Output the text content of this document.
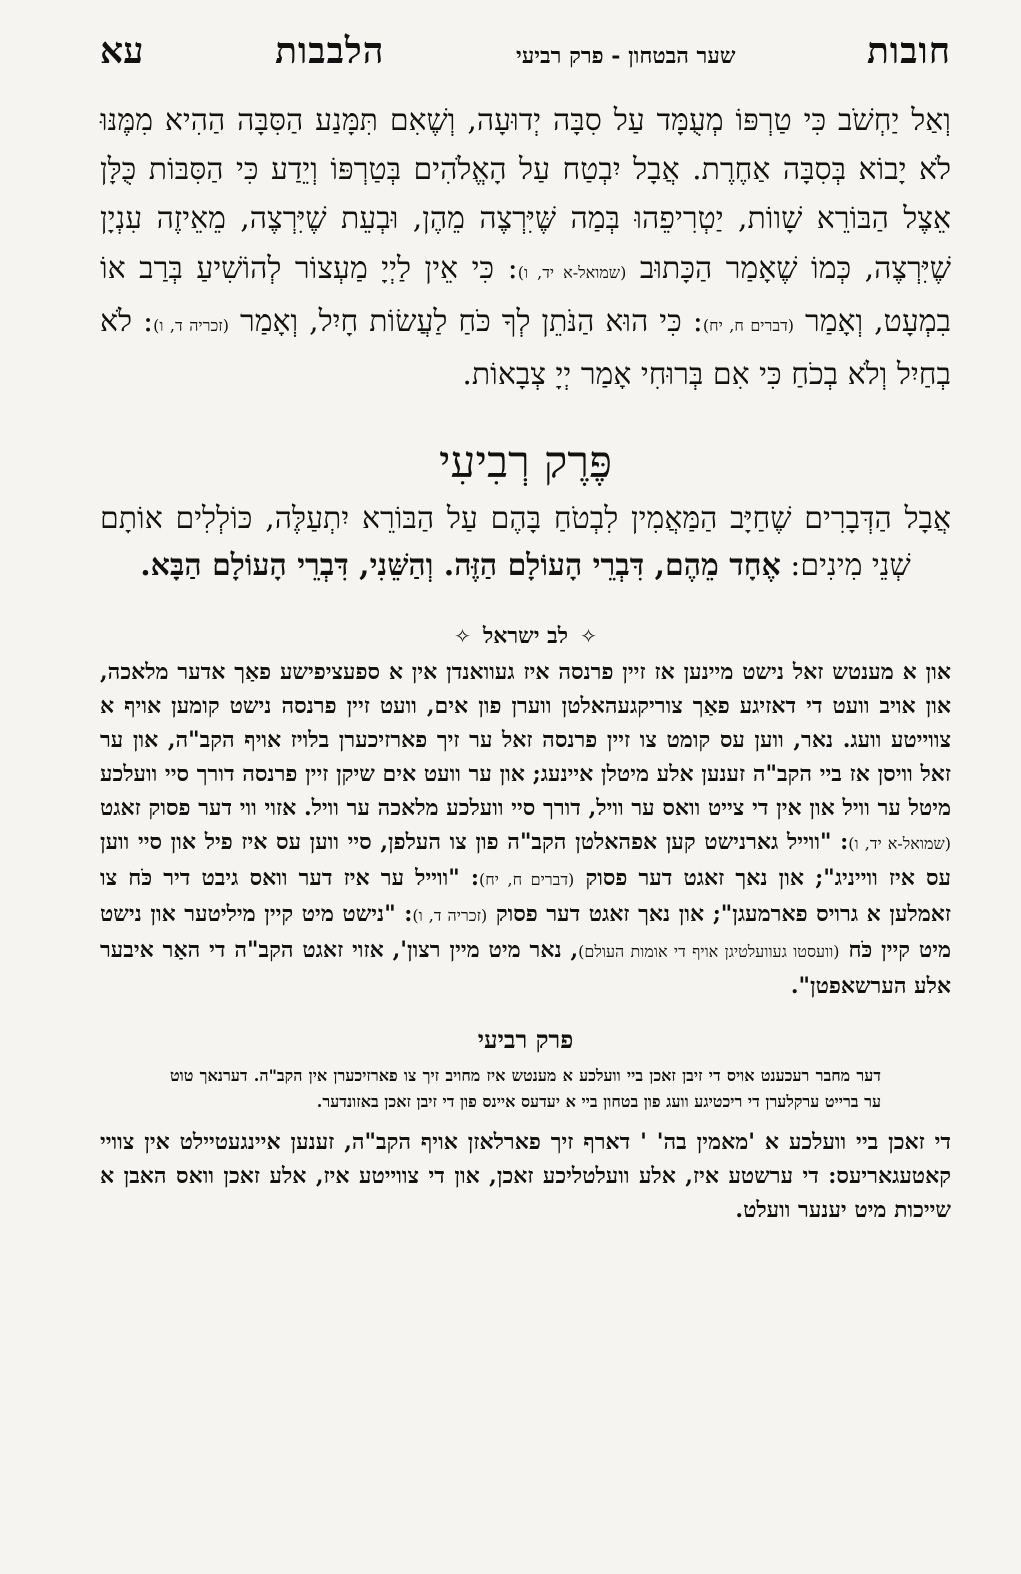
חובות
שער הבטחון - פרק רביעי
הלבבות
עא

וְאַל יַחְשֹׁב כִּי טַרְפּוֹ מְעֻמָּד עַל סִבָּה יְדוּעָה, וְשֶׁאִם תִּמָּנַע הַסִּבָּה הַהִיא מִמֶּנּוּ לֹא יָבוֹא בְּסִבָּה אַחֶרֶת. אֲבָל יִבְטַח עַל הָאֱלֹהִים בְּטַרְפּוֹ וְיֵדַע כִּי הַסִּבּוֹת כֻּלָּן אֵצֶל הַבּוֹרֵא שָׁווֹת, יַטְרִיפֵהוּ בְּמַה שֶּׁיִּרְצֶה מֵהֶן, וּבְעֵת שֶׁיִּרְצֶה, מֵאֵיזֶה עִנְיָן שֶׁיִּרְצֶה, כְּמוֹ שֶׁאָמַר הַכָּתוּב (שמואל-א יד, ו): כִּי אֵין לַיְיָ מַעְצוֹר לְהוֹשִׁיעַ בְּרַב אוֹ בִמְעָט, וְאָמַר (דברים ח, יח): כִּי הוּא הַנֹּתֵן לְךָ כֹּחַ לַעֲשׂוֹת חָיִל, וְאָמַר (זכריה ד, ו): לֹא בְחַיִל וְלֹא בְכֹחַ כִּי אִם בְּרוּחִי אָמַר יְיָ צְבָאוֹת.

פֶּרֶק רְבִיעִי

אֲבָל הַדְּבָרִים שֶׁחַיָּב הַמַּאֲמִין לִבְטֹחַ בָּהֶם עַל הַבּוֹרֵא יִתְעַלֶּה, כּוֹלְלִים אוֹתָם שְׁנֵי מִינִים: אֶחָד מֵהֶם, דִּבְרֵי הָעוֹלָם הַזֶּה. וְהַשֵּׁנִי, דִּבְרֵי הָעוֹלָם הַבָּא.

✧
לב ישראל
✧

און א מענטש זאל נישט מיינען אז זיין פרנסה איז געוואנדן אין א ספעציפישע פאַך אדער מלאכה, און אויב וועט די דאזיגע פאַך צוריקגעהאלטן ווערן פון אים, וועט זיין פרנסה נישט קומען אויף א צווייטע וועג. נאר, ווען עס קומט צו זיין פרנסה זאל ער זיך פארזיכערן בלויז אויף הקב"ה, און ער זאל וויסן אז ביי הקב"ה זענען אלע מיטלן איינעג; און ער וועט אים שיקן זיין פרנסה דורך סיי וועלכע מיטל ער וויל און אין די צייט וואס ער וויל, דורך סיי וועלכע מלאכה ער וויל. אזוי ווי דער פסוק זאגט (שמואל-א יד, ו): "ווייל גארנישט קען אפהאלטן הקב"ה פון צו העלפן, סיי ווען עס איז פיל און סיי ווען עס איז ווייניג"; און נאך זאגט דער פסוק (דברים ח, יח): "ווייל ער איז דער וואס גיבט דיר כֹּח צו זאמלען א גרויס פארמעגן"; און נאך זאגט דער פסוק (זכריה ד, ו): "נישט מיט קיין מיליטער און נישט מיט קיין כֹּח (וועסטו געוועלטיגן אויף די אומות העולם), נאר מיט מיין רצון', אזוי זאגט הקב"ה די האַר איבער אלע הערשאפטן".

פרק רביעי

דער מחבר רעכענט אויס די זיבן זאכן ביי וועלכע א מענטש איז מחויב זיך צו פארזיכערן אין הקב"ה. דערנאך טוט ער ברייט ערקלערן די ריכטיגע וועג פון בטחון ביי א יעדעס איינס פון די זיבן זאכן באזונדער.

די זאכן ביי וועלכע א 'מאמין בה' ' דארף זיך פארלאזן אויף הקב"ה, זענען איינגעטיילט אין צוויי קאטעגאריעס: די ערשטע איז, אלע וועלטליכע זאכן, און די צווייטע איז, אלע זאכן וואס האבן א שייכות מיט יענער וועלט.
